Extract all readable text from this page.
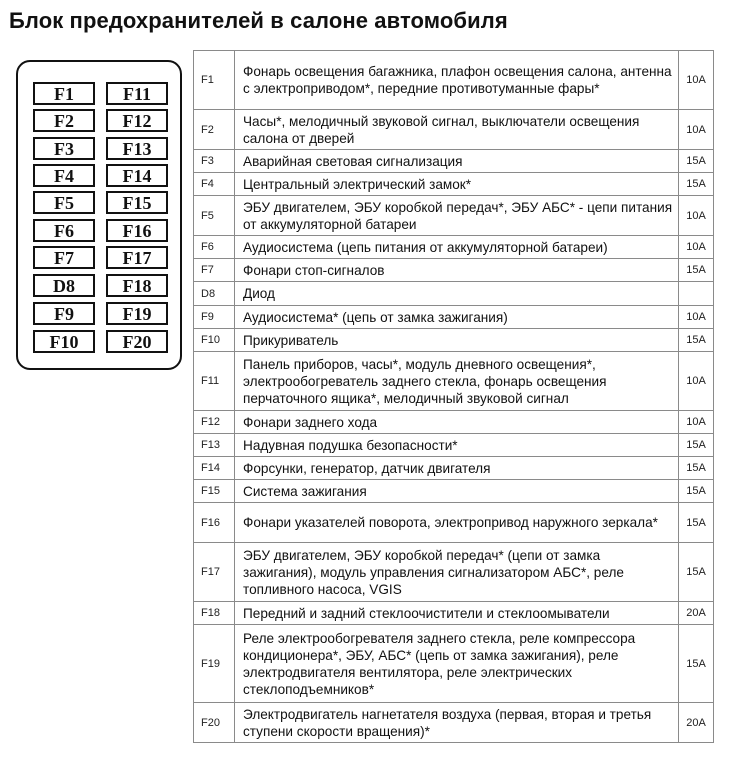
Блок предохранителей в салоне автомобиля
F1
F2
F3
F4
F5
F6
F7
D8
F9
F10
F11
F12
F13
F14
F15
F16
F17
F18
F19
F20
F1	Фонарь освещения багажника, плафон освещения салона, антенна с электроприводом*, передние противотуманные фары*	10A
F2	Часы*, мелодичный звуковой сигнал, выключатели освещения салона от дверей	10A
F3	Аварийная световая сигнализация	15A
F4	Центральный электрический замок*	15A
F5	ЭБУ двигателем, ЭБУ коробкой передач*, ЭБУ АБС* - цепи питания от аккумуляторной батареи	10A
F6	Аудиосистема (цепь питания от аккумуляторной батареи)	10A
F7	Фонари стоп-сигналов	15A
D8	Диод	
F9	Аудиосистема* (цепь от замка зажигания)	10A
F10	Прикуриватель	15A
F11	Панель приборов, часы*, модуль дневного освещения*, электрообогреватель заднего стекла, фонарь освещения перчаточного ящика*, мелодичный звуковой сигнал	10A
F12	Фонари заднего хода	10A
F13	Надувная подушка безопасности*	15A
F14	Форсунки, генератор, датчик двигателя	15A
F15	Система зажигания	15A
F16	Фонари указателей поворота, электропривод наружного зеркала*	15A
F17	ЭБУ двигателем, ЭБУ коробкой передач* (цепи от замка зажигания), модуль управления сигнализатором АБС*, реле топливного насоса, VGIS	15A
F18	Передний и задний стеклоочистители и стеклоомыватели	20A
F19	Реле электрообогревателя заднего стекла, реле компрессора кондиционера*, ЭБУ, АБС* (цепь от замка зажигания), реле электродвигателя вентилятора, реле электрических стеклоподъемников*	15A
F20	Электродвигатель нагнетателя воздуха (первая, вторая и третья ступени скорости вращения)*	20A
